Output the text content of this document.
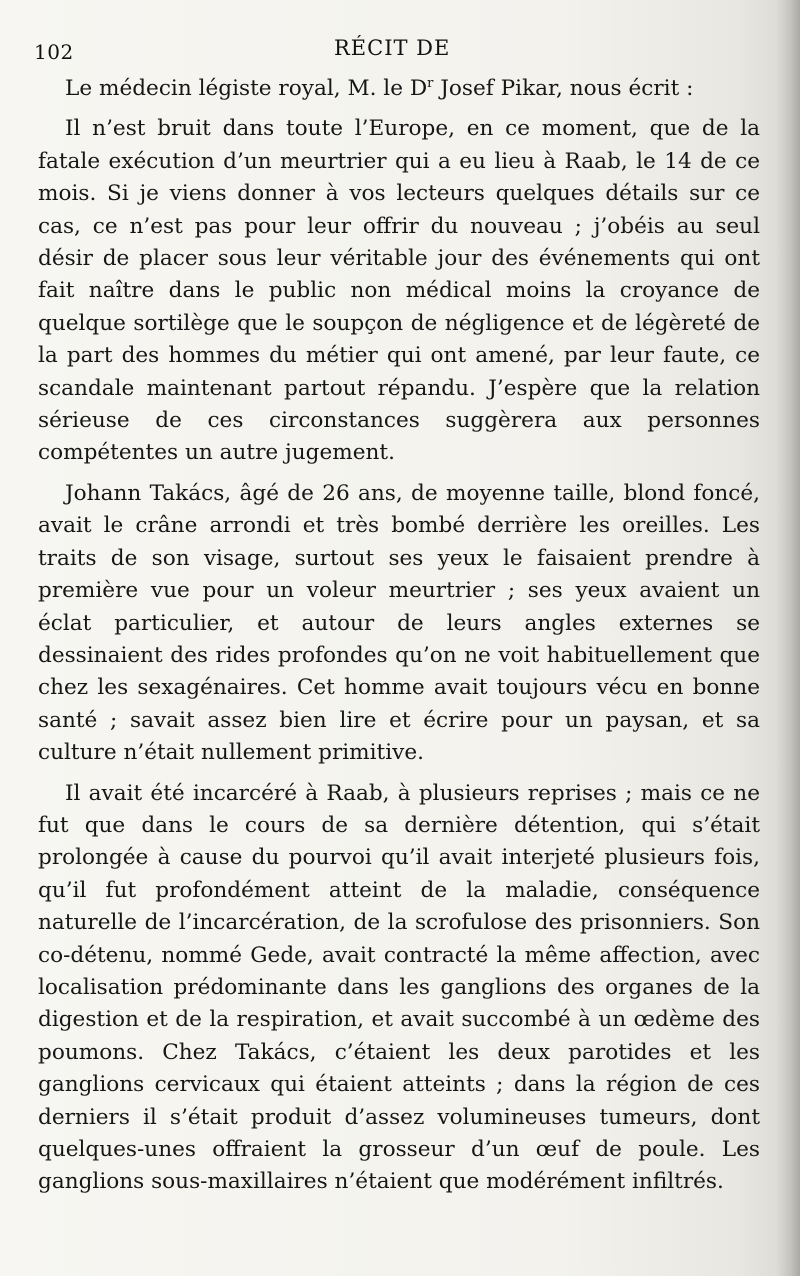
102	RÉCIT DE

Le médecin légiste royal, M. le $D^r$ Josef Pikar, nous écrit :

Il n’est bruit dans toute l’Europe, en ce moment, que de la fatale exécution d’un meurtrier qui a eu lieu à Raab, le 14 de ce mois. Si je viens donner à vos lecteurs quelques détails sur ce cas, ce n’est pas pour leur offrir du nouveau ; j’obéis au seul désir de placer sous leur véritable jour des événements qui ont fait naître dans le public non médical moins la croyance de quelque sortilège que le soupçon de négligence et de légèreté de la part des hommes du métier qui ont amené, par leur faute, ce scandale maintenant partout répandu. J’espère que la relation sérieuse de ces circonstances suggèrera aux personnes compétentes un autre jugement.

Johann Takács, âgé de 26 ans, de moyenne taille, blond foncé, avait le crâne arrondi et très bombé derrière les oreilles. Les traits de son visage, surtout ses yeux le faisaient prendre à première vue pour un voleur meurtrier ; ses yeux avaient un éclat particulier, et autour de leurs angles externes se dessinaient des rides profondes qu’on ne voit habituellement que chez les sexagénaires. Cet homme avait toujours vécu en bonne santé ; savait assez bien lire et écrire pour un paysan, et sa culture n’était nullement primitive.

Il avait été incarcéré à Raab, à plusieurs reprises ; mais ce ne fut que dans le cours de sa dernière détention, qui s’était prolongée à cause du pourvoi qu’il avait interjeté plusieurs fois, qu’il fut profondément atteint de la maladie, conséquence naturelle de l’incarcération, de la scrofulose des prisonniers. Son co-détenu, nommé Gede, avait contracté la même affection, avec localisation prédominante dans les ganglions des organes de la digestion et de la respiration, et avait succombé à un œdème des poumons. Chez Takács, c’étaient les deux parotides et les ganglions cervicaux qui étaient atteints ; dans la région de ces derniers il s’était produit d’assez volumineuses tumeurs, dont quelques-unes offraient la grosseur d’un œuf de poule. Les ganglions sous-maxillaires n’étaient que modérément infiltrés.
